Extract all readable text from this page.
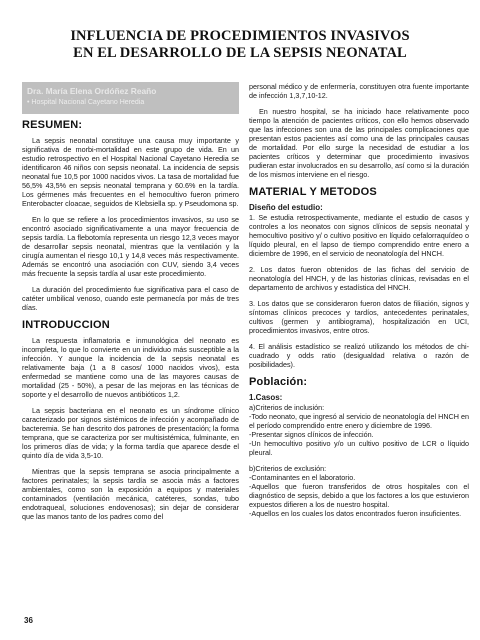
INFLUENCIA DE PROCEDIMIENTOS INVASIVOS
EN EL DESARROLLO DE LA SEPSIS NEONATAL
Dra. María Elena Ordóñez Reaño
• Hospital Nacional Cayetano Heredia
RESUMEN:

La sepsis neonatal constituye una causa muy importante y significativa de morbi-mortalidad en este grupo de vida. En un estudio retrospectivo en el Hospital Nacional Cayetano Heredia se identificaron 46 niños con sepsis neonatal. La incidencia de sepsis neonatal fue 10,5 por 1000 nacidos vivos. La tasa de mortalidad fue 56,5% 43,5% en sepsis neonatal temprana y 60.6% en la tardía. Los gérmenes más frecuentes en el hemocultivo fueron primero Enterobacter cloacae, seguidos de Klebsiella sp. y Pseudomona sp.

En lo que se refiere a los procedimientos invasivos, su uso se encontró asociado significativamente a una mayor frecuencia de sepsis tardía. La flebotomía representa un riesgo 12,3 veces mayor de desarrollar sepsis neonatal, mientras que la ventilación y la cirugía aumentan el riesgo 10,1 y 14,8 veces más respectivamente. Además se encontró una asociación con CUV, siendo 3,4 veces más frecuente la sepsis tardía al usar este procedimiento.

La duración del procedimiento fue significativa para el caso de catéter umbilical venoso, cuando este permanecía por más de tres días.

INTRODUCCION

La respuesta inflamatoria e inmunológica del neonato es incompleta, lo que lo convierte en un individuo más susceptible a la infección. Y aunque la incidencia de la sepsis neonatal es relativamente baja (1 a 8 casos/ 1000 nacidos vivos), esta enfermedad se mantiene como una de las mayores causas de mortalidad (25 - 50%), a pesar de las mejoras en las técnicas de soporte y el desarrollo de nuevos antibióticos 1,2.

La sepsis bacteriana en el neonato es un síndrome clínico caracterizado por signos sistémicos de infección y acompañado de bacteremia. Se han descrito dos patrones de presentación; la forma temprana, que se caracteriza por ser multisistémica, fulminante, en los primeros días de vida; y la forma tardía que aparece desde el quinto día de vida 3,5-10.

Mientras que la sepsis temprana se asocia principalmente a factores perinatales; la sepsis tardía se asocia más a factores ambientales, como son la exposición a equipos y materiales contaminados (ventilación mecánica, catéteres, sondas, tubo endotraqueal, soluciones endovenosas); sin dejar de considerar que las manos tanto de los padres como del

personal médico y de enfermería, constituyen otra fuente importante de infección 1,3,7,10-12.

En nuestro hospital, se ha iniciado hace relativamente poco tiempo la atención de pacientes críticos, con ello hemos observado que las infecciones son una de las principales complicaciones que presentan estos pacientes así como una de las principales causas de mortalidad. Por ello surge la necesidad de estudiar a los pacientes críticos y determinar que procedimiento invasivos pudieran estar involucrados en su desarrollo, así como si la duración de los mismos interviene en el riesgo.

MATERIAL Y METODOS
Diseño del estudio:

1. Se estudia retrospectivamente, mediante el estudio de casos y controles a los neonatos con signos clínicos de sepsis neonatal y hemocultivo positivo y/ o cultivo positivo en líquido cefalorraquídeo o líquido pleural, en el lapso de tiempo comprendido entre enero a diciembre de 1996, en el servicio de neonatología del HNCH.

2. Los datos fueron obtenidos de las fichas del servicio de neonatología del HNCH, y de las historias clínicas, revisadas en el departamento de archivos y estadística del HNCH.

3. Los datos que se consideraron fueron datos de filiación, signos y síntomas clínicos precoces y tardíos, antecedentes perinatales, cultivos (germen y antibiograma), hospitalización en UCI, procedimientos invasivos, entre otros.

4. El análisis estadístico se realizó utilizando los métodos de chi-cuadrado y odds ratio (desigualdad relativa o razón de posibilidades).

Población:
1.Casos:

a)Criterios de inclusión:

-Todo neonato, que ingresó al servicio de neonatología del HNCH en el período comprendido entre enero y diciembre de 1996.

-Presentar signos clínicos de infección.

-Un hemocultivo positivo y/o un cultivo positivo de LCR o líquido pleural.

b)Criterios de exclusión:

-Contaminantes en el laboratorio.

-Aquellos que fueron transferidos de otros hospitales con el diagnóstico de sepsis, debido a que los factores a los que estuvieron expuestos difieren a los de nuestro hospital.

-Aquellos en los cuales los datos encontrados fueron insuficientes.

36
